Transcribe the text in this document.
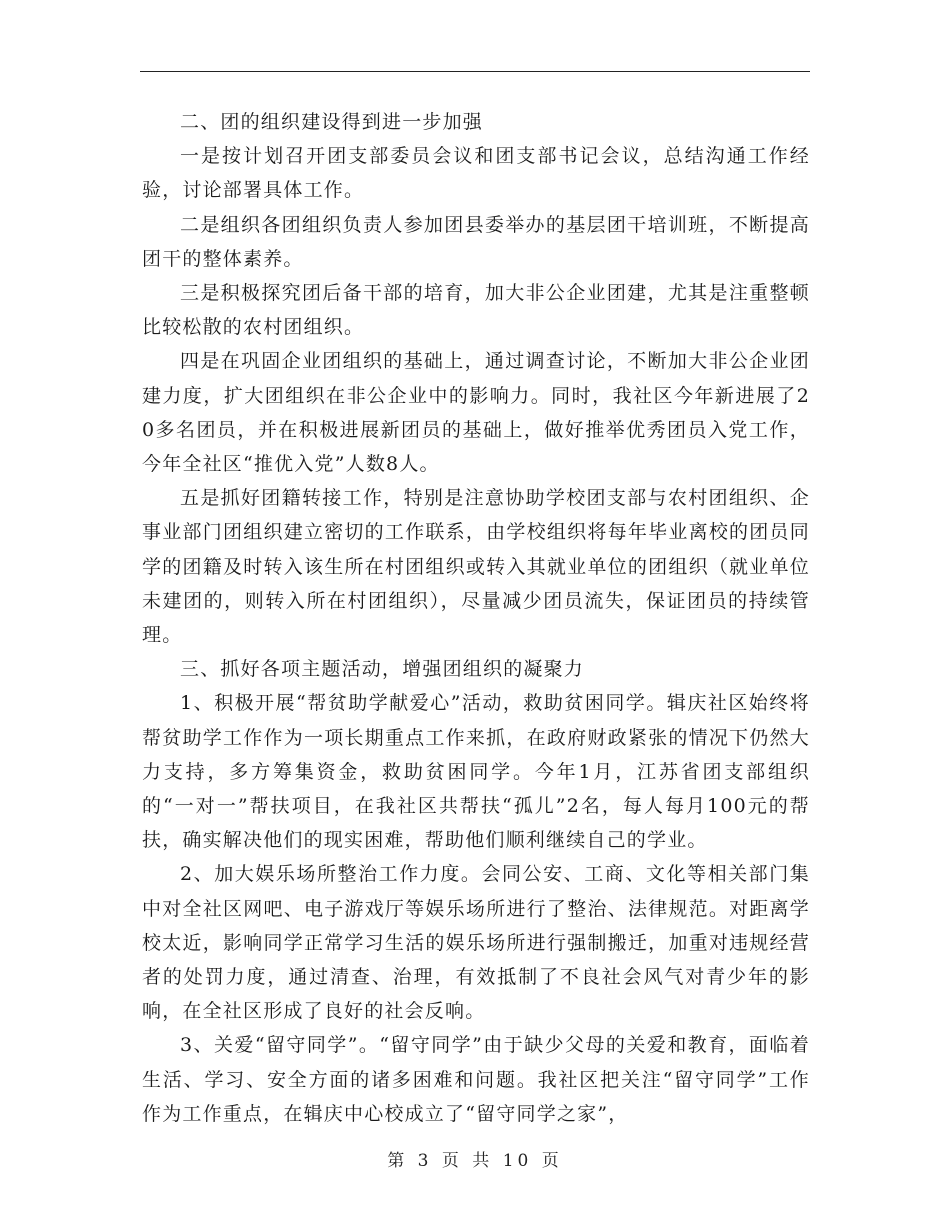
二、团的组织建设得到进一步加强

一是按计划召开团支部委员会议和团支部书记会议，总结沟通工作经验，讨论部署具体工作。

二是组织各团组织负责人参加团县委举办的基层团干培训班，不断提高团干的整体素养。

三是积极探究团后备干部的培育，加大非公企业团建，尤其是注重整顿比较松散的农村团组织。

四是在巩固企业团组织的基础上，通过调查讨论，不断加大非公企业团建力度，扩大团组织在非公企业中的影响力。同时，我社区今年新进展了20多名团员，并在积极进展新团员的基础上，做好推举优秀团员入党工作，今年全社区“推优入党”人数8人。

五是抓好团籍转接工作，特别是注意协助学校团支部与农村团组织、企事业部门团组织建立密切的工作联系，由学校组织将每年毕业离校的团员同学的团籍及时转入该生所在村团组织或转入其就业单位的团组织（就业单位未建团的，则转入所在村团组织），尽量减少团员流失，保证团员的持续管理。

三、抓好各项主题活动，增强团组织的凝聚力

1、积极开展“帮贫助学献爱心”活动，救助贫困同学。辑庆社区始终将帮贫助学工作作为一项长期重点工作来抓，在政府财政紧张的情况下仍然大力支持，多方筹集资金，救助贫困同学。今年1月，江苏省团支部组织的“一对一”帮扶项目，在我社区共帮扶“孤儿”2名，每人每月100元的帮扶，确实解决他们的现实困难，帮助他们顺利继续自己的学业。

2、加大娱乐场所整治工作力度。会同公安、工商、文化等相关部门集中对全社区网吧、电子游戏厅等娱乐场所进行了整治、法律规范。对距离学校太近，影响同学正常学习生活的娱乐场所进行强制搬迁，加重对违规经营者的处罚力度，通过清查、治理，有效抵制了不良社会风气对青少年的影响，在全社区形成了良好的社会反响。

3、关爱“留守同学”。“留守同学”由于缺少父母的关爱和教育，面临着生活、学习、安全方面的诸多困难和问题。我社区把关注“留守同学”工作作为工作重点，在辑庆中心校成立了“留守同学之家”，

第 3 页 共 10 页
